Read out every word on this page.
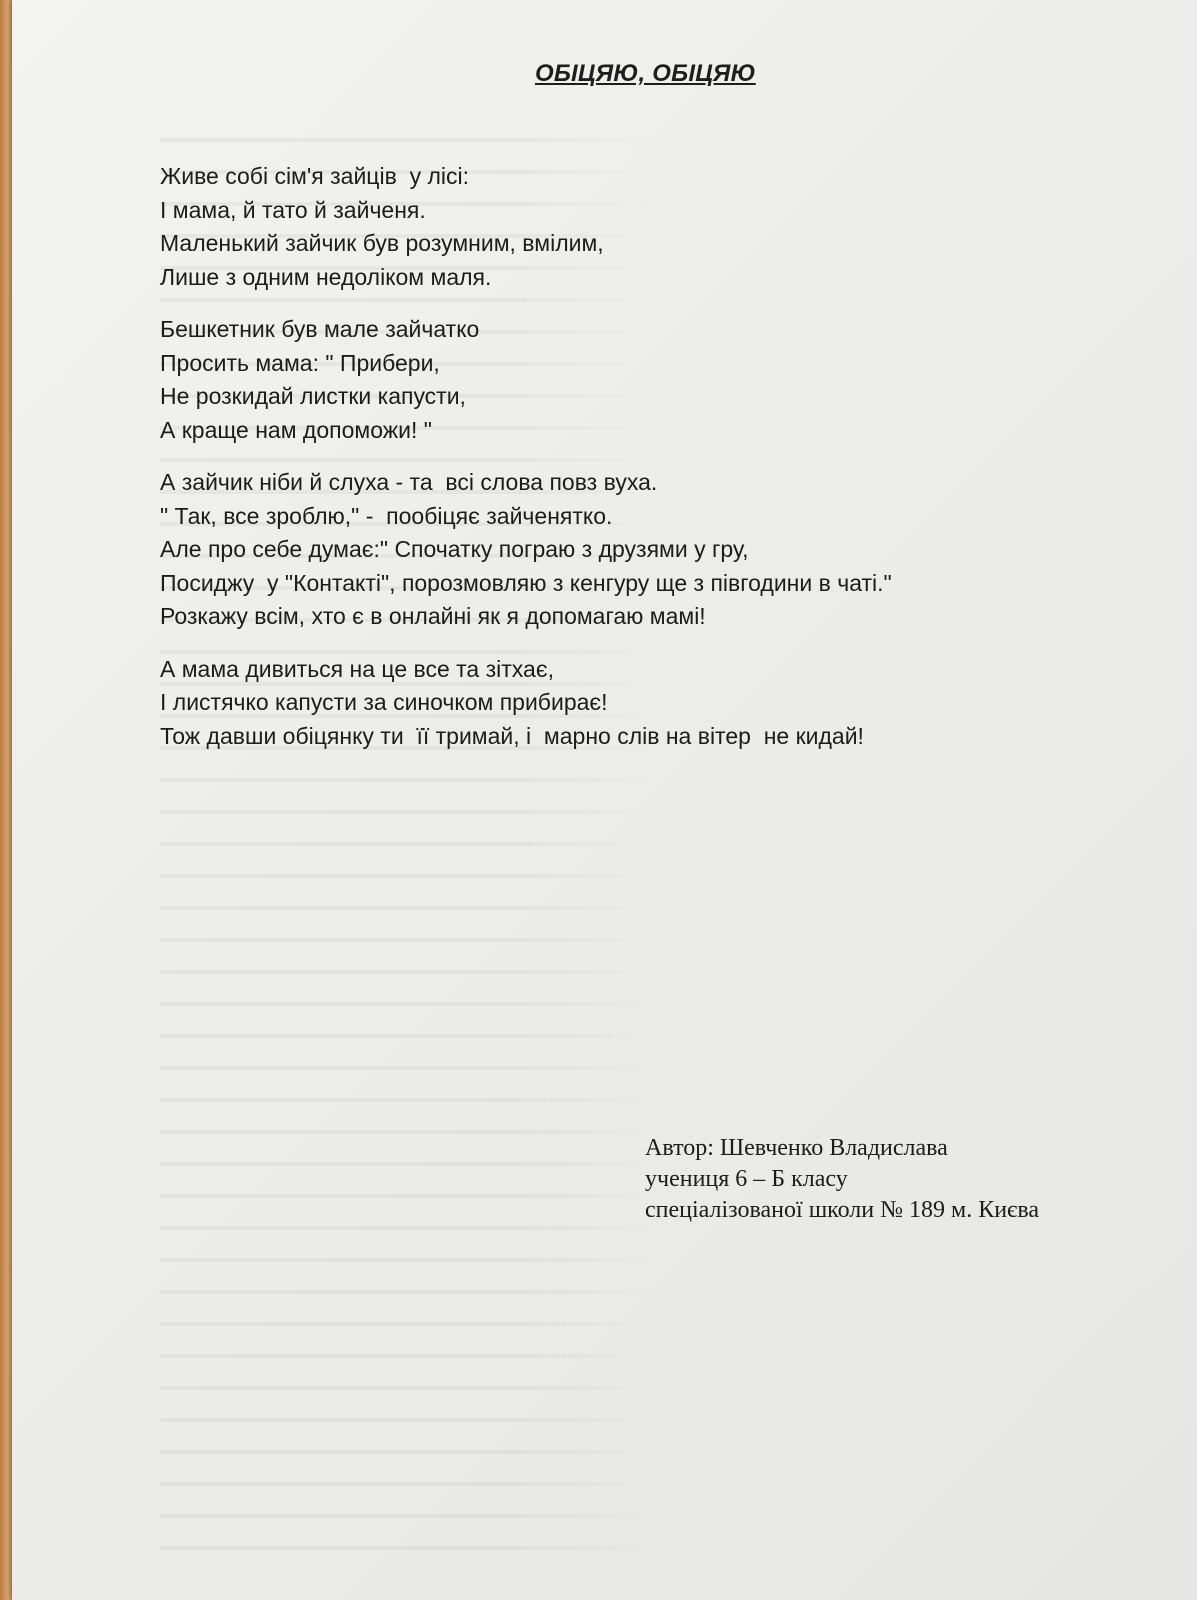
ОБІЦЯЮ, ОБІЦЯЮ
Живе собі сім'я зайців  у лісі:
І мама, й тато й зайченя.
Маленький зайчик був розумним, вмілим,
Лише з одним недоліком маля.
Бешкетник був мале зайчатко
Просить мама: " Прибери,
Не розкидай листки капусти,
А краще нам допоможи! "
А зайчик ніби й слуха - та  всі слова повз вуха.
" Так, все зроблю," -  пообіцяє зайченятко.
Але про себе думає:" Спочатку пограю з друзями у гру,
Посиджу  у "Контакті", порозмовляю з кенгуру ще з півгодини в чаті."
Розкажу всім, хто є в онлайні як я допомагаю мамі!
А мама дивиться на це все та зітхає,
І листячко капусти за синочком прибирає!
Тож давши обіцянку ти  її тримай, і  марно слів на вітер  не кидай!
Автор: Шевченко Владислава
учениця 6 – Б класу
спеціалізованої школи № 189 м. Києва
